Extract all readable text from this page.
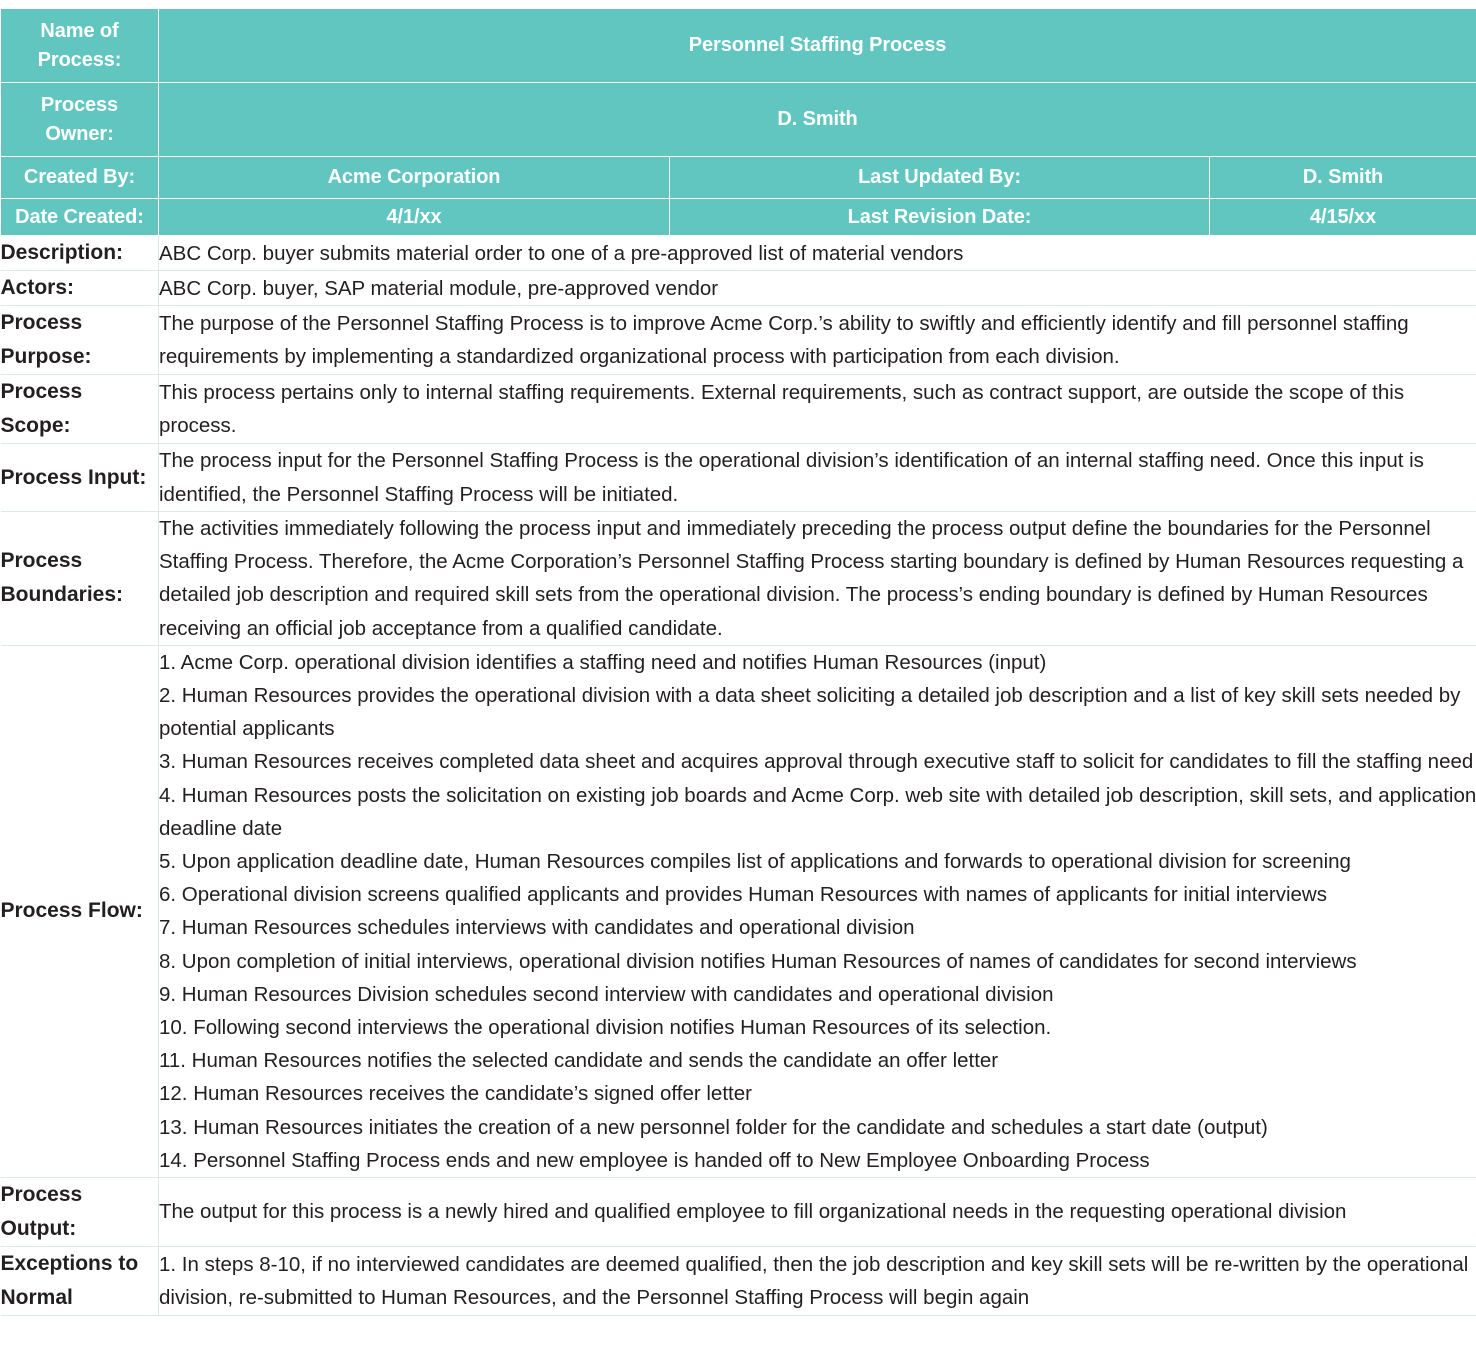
Name of
Process:	Personnel Staffing Process		
Process
Owner:	D. Smith		
Created By:	Acme Corporation	Last Updated By:	D. Smith
Date Created:	4/1/xx	Last Revision Date:	4/15/xx
Description:	ABC Corp. buyer submits material order to one of a pre-approved list of material vendors		
Actors:	ABC Corp. buyer, SAP material module, pre-approved vendor		
Process
Purpose:	The purpose of the Personnel Staffing Process is to improve Acme Corp.’s ability to swiftly and efficiently identify and fill personnel staffing requirements by implementing a standardized organizational process with participation from each division.		
Process Scope:	This process pertains only to internal staffing requirements. External requirements, such as contract support, are outside the scope of this process.		
Process Input:	The process input for the Personnel Staffing Process is the operational division’s identification of an internal staffing need. Once this input is identified, the Personnel Staffing Process will be initiated.		
Process
Boundaries:	The activities immediately following the process input and immediately preceding the process output define the boundaries for the Personnel Staffing Process. Therefore, the Acme Corporation’s Personnel Staffing Process starting boundary is defined by Human Resources requesting a detailed job description and required skill sets from the operational division. The process’s ending boundary is defined by Human Resources receiving an official job acceptance from a qualified candidate.		
Process Flow:	

1. Acme Corp. operational division identifies a staffing need and notifies Human Resources (input)

2. Human Resources provides the operational division with a data sheet soliciting a detailed job description and a list of key skill sets needed by potential applicants

3. Human Resources receives completed data sheet and acquires approval through executive staff to solicit for candidates to fill the staffing need

4. Human Resources posts the solicitation on existing job boards and Acme Corp. web site with detailed job description, skill sets, and application deadline date

5. Upon application deadline date, Human Resources compiles list of applications and forwards to operational division for screening

6. Operational division screens qualified applicants and provides Human Resources with names of applicants for initial interviews

7. Human Resources schedules interviews with candidates and operational division

8. Upon completion of initial interviews, operational division notifies Human Resources of names of candidates for second interviews

9. Human Resources Division schedules second interview with candidates and operational division

10. Following second interviews the operational division notifies Human Resources of its selection.

11. Human Resources notifies the selected candidate and sends the candidate an offer letter

12. Human Resources receives the candidate’s signed offer letter

13. Human Resources initiates the creation of a new personnel folder for the candidate and schedules a start date (output)

14. Personnel Staffing Process ends and new employee is handed off to New Employee Onboarding Process

Process
Output:	The output for this process is a newly hired and qualified employee to fill organizational needs in the requesting operational division		
Exceptions to
Normal	1. In steps 8-10, if no interviewed candidates are deemed qualified, then the job description and key skill sets will be re-written by the operational division, re-submitted to Human Resources, and the Personnel Staffing Process will begin again		
